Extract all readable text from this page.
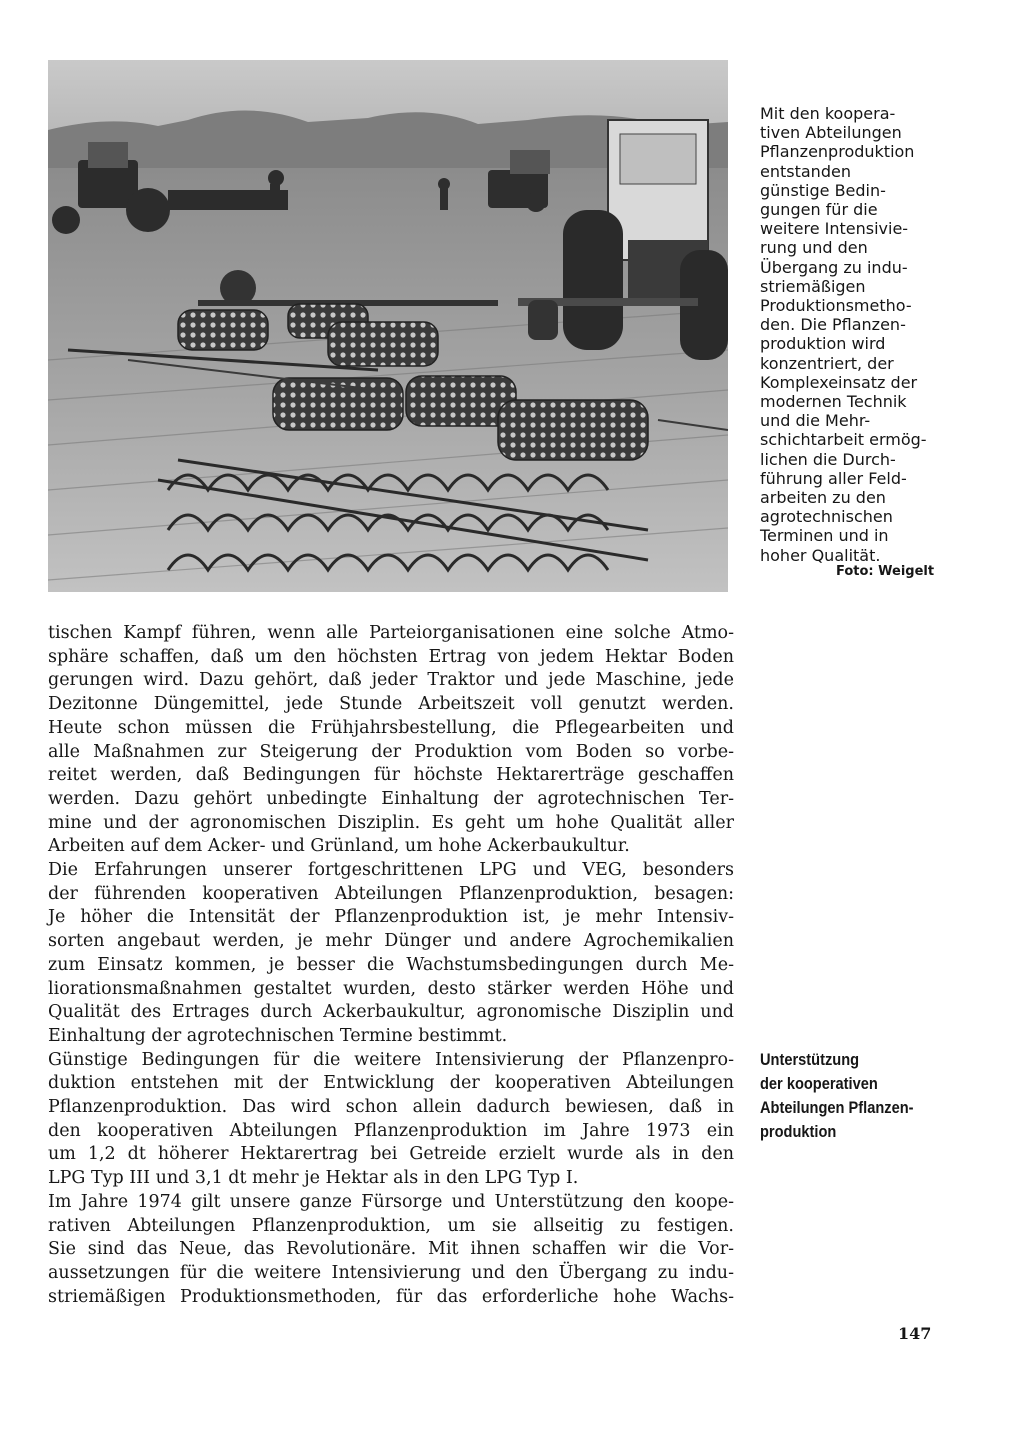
Mit den koopera-
tiven Abteilungen
Pflanzenproduktion
entstanden
günstige Bedin-
gungen für die
weitere Intensivie-
rung und den
Übergang zu indu-
striemäßigen
Produktionsmetho-
den. Die Pflanzen-
produktion wird
konzentriert, der
Komplexeinsatz der
modernen Technik
und die Mehr-
schichtarbeit ermög-
lichen die Durch-
führung aller Feld-
arbeiten zu den
agrotechnischen
Terminen und in
hoher Qualität.
Foto: Weigelt
tischen Kampf führen, wenn alle Parteiorganisationen eine solche Atmo-
sphäre schaffen, daß um den höchsten Ertrag von jedem Hektar Boden
gerungen wird. Dazu gehört, daß jeder Traktor und jede Maschine, jede
Dezitonne Düngemittel, jede Stunde Arbeitszeit voll genutzt werden.
Heute schon müssen die Frühjahrsbestellung, die Pflegearbeiten und
alle Maßnahmen zur Steigerung der Produktion vom Boden so vorbe-
reitet werden, daß Bedingungen für höchste Hektarerträge geschaffen
werden. Dazu gehört unbedingte Einhaltung der agrotechnischen Ter-
mine und der agronomischen Disziplin. Es geht um hohe Qualität aller
Arbeiten auf dem Acker- und Grünland, um hohe Ackerbaukultur.
Die Erfahrungen unserer fortgeschrittenen LPG und VEG, besonders
der führenden kooperativen Abteilungen Pflanzenproduktion, besagen:
Je höher die Intensität der Pflanzenproduktion ist, je mehr Intensiv-
sorten angebaut werden, je mehr Dünger und andere Agrochemikalien
zum Einsatz kommen, je besser die Wachstumsbedingungen durch Me-
liorationsmaßnahmen gestaltet wurden, desto stärker werden Höhe und
Qualität des Ertrages durch Ackerbaukultur, agronomische Disziplin und
Einhaltung der agrotechnischen Termine bestimmt.
Günstige Bedingungen für die weitere Intensivierung der Pflanzenpro-
duktion entstehen mit der Entwicklung der kooperativen Abteilungen
Pflanzenproduktion. Das wird schon allein dadurch bewiesen, daß in
den kooperativen Abteilungen Pflanzenproduktion im Jahre 1973 ein
um 1,2 dt höherer Hektarertrag bei Getreide erzielt wurde als in den
LPG Typ III und 3,1 dt mehr je Hektar als in den LPG Typ I.
Im Jahre 1974 gilt unsere ganze Fürsorge und Unterstützung den koope-
rativen Abteilungen Pflanzenproduktion, um sie allseitig zu festigen.
Sie sind das Neue, das Revolutionäre. Mit ihnen schaffen wir die Vor-
aussetzungen für die weitere Intensivierung und den Übergang zu indu-
striemäßigen Produktionsmethoden, für das erforderliche hohe Wachs-
Unterstützung
der kooperativen
Abteilungen Pflanzen-
produktion
147
